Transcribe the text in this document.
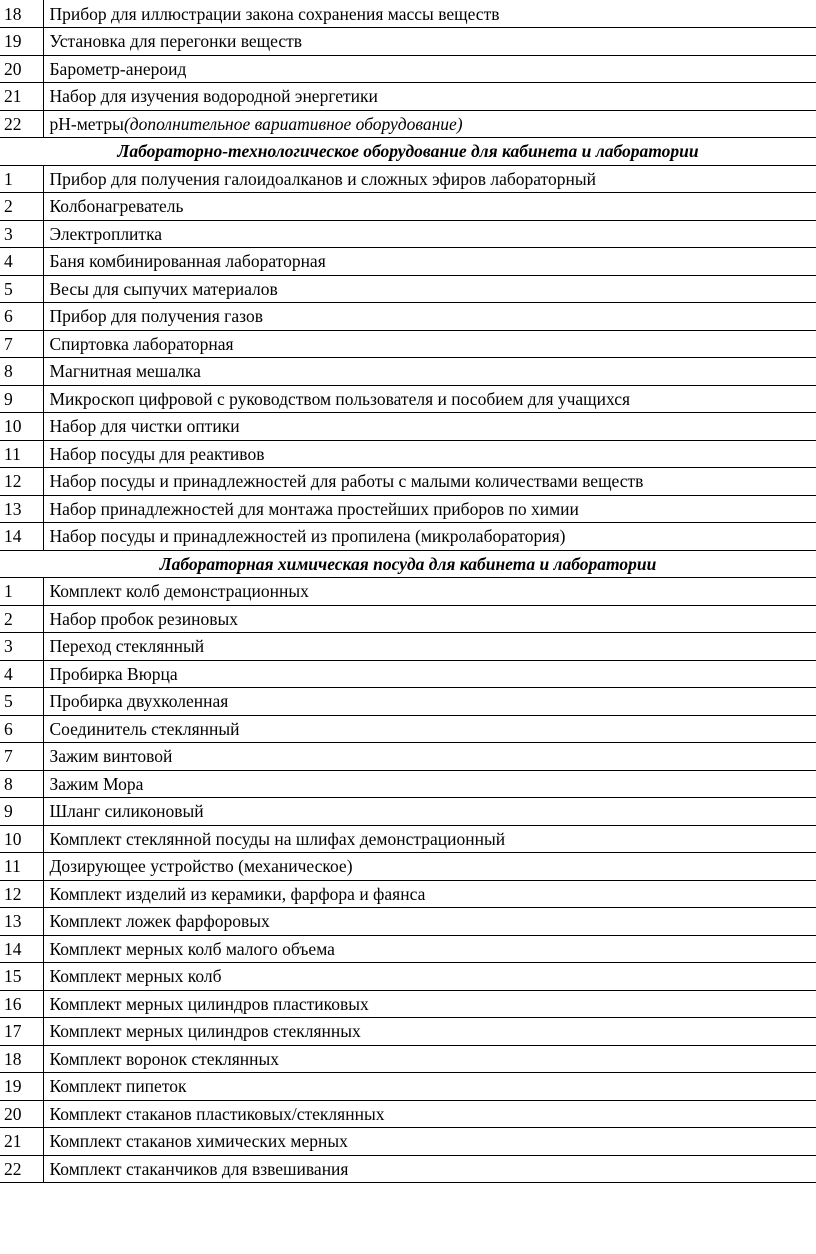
18	Прибор для иллюстрации закона сохранения массы веществ
19	Установка для перегонки веществ
20	Барометр-анероид
21	Набор для изучения водородной энергетики
22	pH-метры(дополнительное вариативное оборудование)
Лабораторно-технологическое оборудование для кабинета и лаборатории	
1	Прибор для получения галоидоалканов и сложных эфиров лабораторный
2	Колбонагреватель
3	Электроплитка
4	Баня комбинированная лабораторная
5	Весы для сыпучих материалов
6	Прибор для получения газов
7	Спиртовка лабораторная
8	Магнитная мешалка
9	Микроскоп цифровой с руководством пользователя и пособием для учащихся
10	Набор для чистки оптики
11	Набор посуды для реактивов
12	Набор посуды и принадлежностей для работы с малыми количествами веществ
13	Набор принадлежностей для монтажа простейших приборов по химии
14	Набор посуды и принадлежностей из пропилена (микролаборатория)
Лабораторная химическая посуда для кабинета и лаборатории	
1	Комплект колб демонстрационных
2	Набор пробок резиновых
3	Переход стеклянный
4	Пробирка Вюрца
5	Пробирка двухколенная
6	Соединитель стеклянный
7	Зажим винтовой
8	Зажим Мора
9	Шланг силиконовый
10	Комплект стеклянной посуды на шлифах демонстрационный
11	Дозирующее устройство (механическое)
12	Комплект изделий из керамики, фарфора и фаянса
13	Комплект ложек фарфоровых
14	Комплект мерных колб малого объема
15	Комплект мерных колб
16	Комплект мерных цилиндров пластиковых
17	Комплект мерных цилиндров стеклянных
18	Комплект воронок стеклянных
19	Комплект пипеток
20	Комплект стаканов пластиковых/стеклянных
21	Комплект стаканов химических мерных
22	Комплект стаканчиков для взвешивания
